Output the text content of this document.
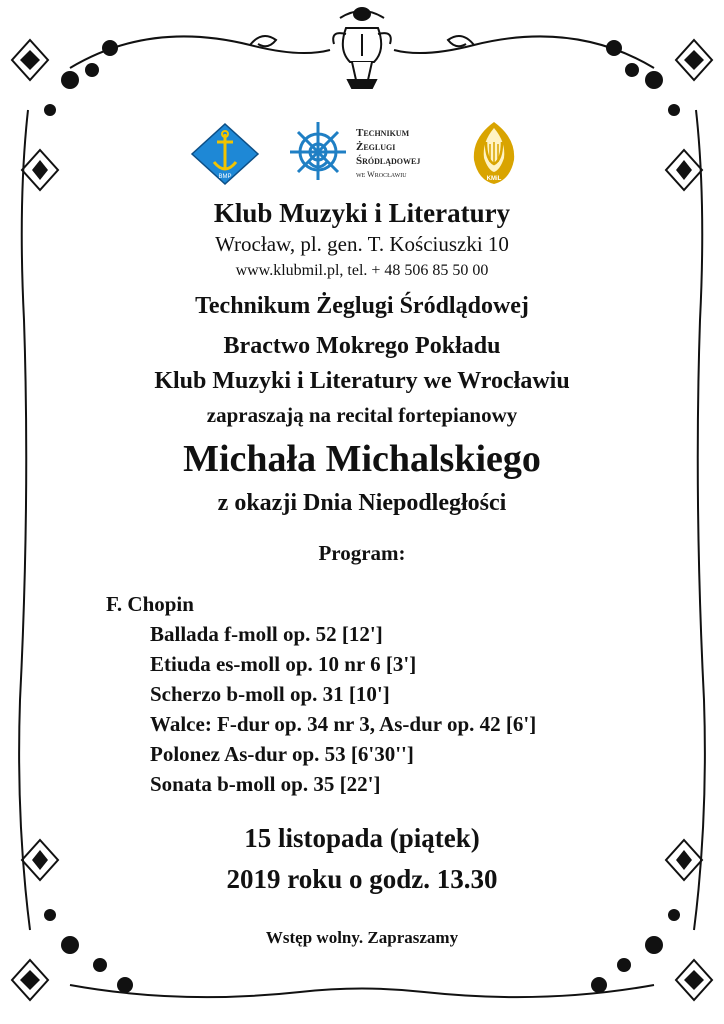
BMP
Technikum
Żeglugi
Śródlądowej
we Wrocławiu	KMiL
Klub Muzyki i Literatury
Wrocław, pl. gen. T. Kościuszki 10
www.klubmil.pl, tel. + 48 506 85 50 00
Technikum Żeglugi Śródlądowej
Bractwo Mokrego Pokładu
Klub Muzyki i Literatury we Wrocławiu
zapraszają na recital fortepianowy
Michała Michalskiego
z okazji Dnia Niepodległości
Program:
F. Chopin
Ballada f-moll op. 52 [12']
Etiuda es-moll op. 10 nr 6 [3']
Scherzo b-moll op. 31 [10']
Walce: F-dur op. 34 nr 3, As-dur op. 42 [6']
Polonez As-dur op. 53 [6'30'']
Sonata b-moll op. 35 [22']
15 listopada (piątek)
2019 roku o godz. 13.30
Wstęp wolny. Zapraszamy
